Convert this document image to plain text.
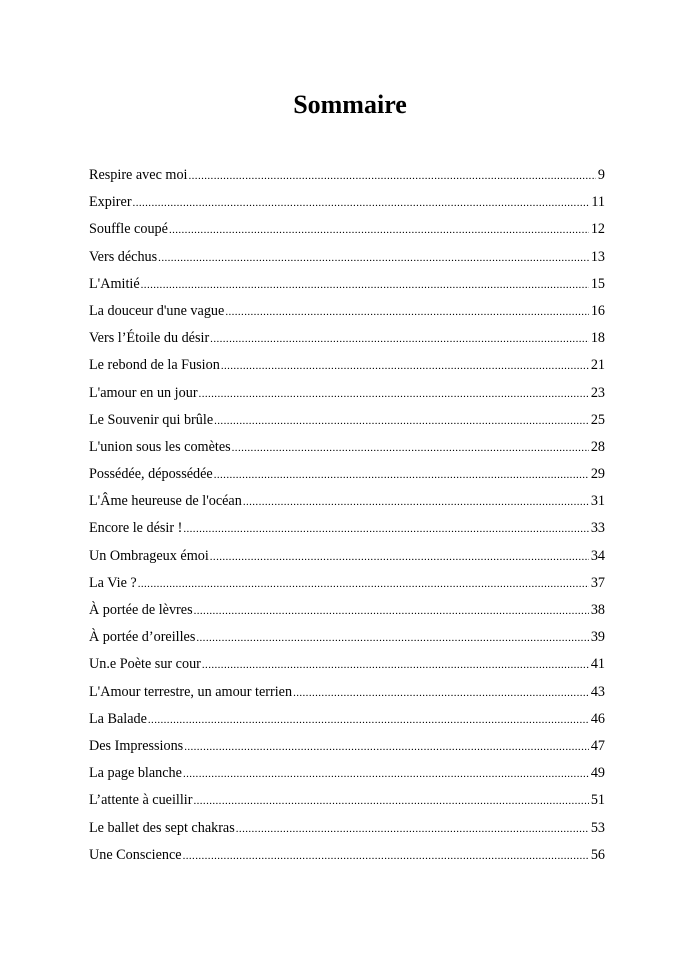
Sommaire
Respire avec moi .....	9
Expirer .....	11
Souffle coupé .....	12
Vers déchus .....	13
L'Amitié .....	15
La douceur d'une vague .....	16
Vers l’Étoile du désir .....	18
Le rebond de la Fusion .....	21
L'amour en un jour .....	23
Le Souvenir qui brûle .....	25
L'union sous les comètes .....	28
Possédée, dépossédée .....	29
L'Âme heureuse de l'océan .....	31
Encore le désir ! .....	33
Un Ombrageux émoi .....	34
La Vie ? .....	37
À portée de lèvres .....	38
À portée d’oreilles .....	39
Un.e Poète sur cour .....	41
L'Amour terrestre, un amour terrien .....	43
La Balade .....	46
Des Impressions .....	47
La page blanche .....	49
L’attente à cueillir .....	51
Le ballet des sept chakras .....	53
Une Conscience .....	56
